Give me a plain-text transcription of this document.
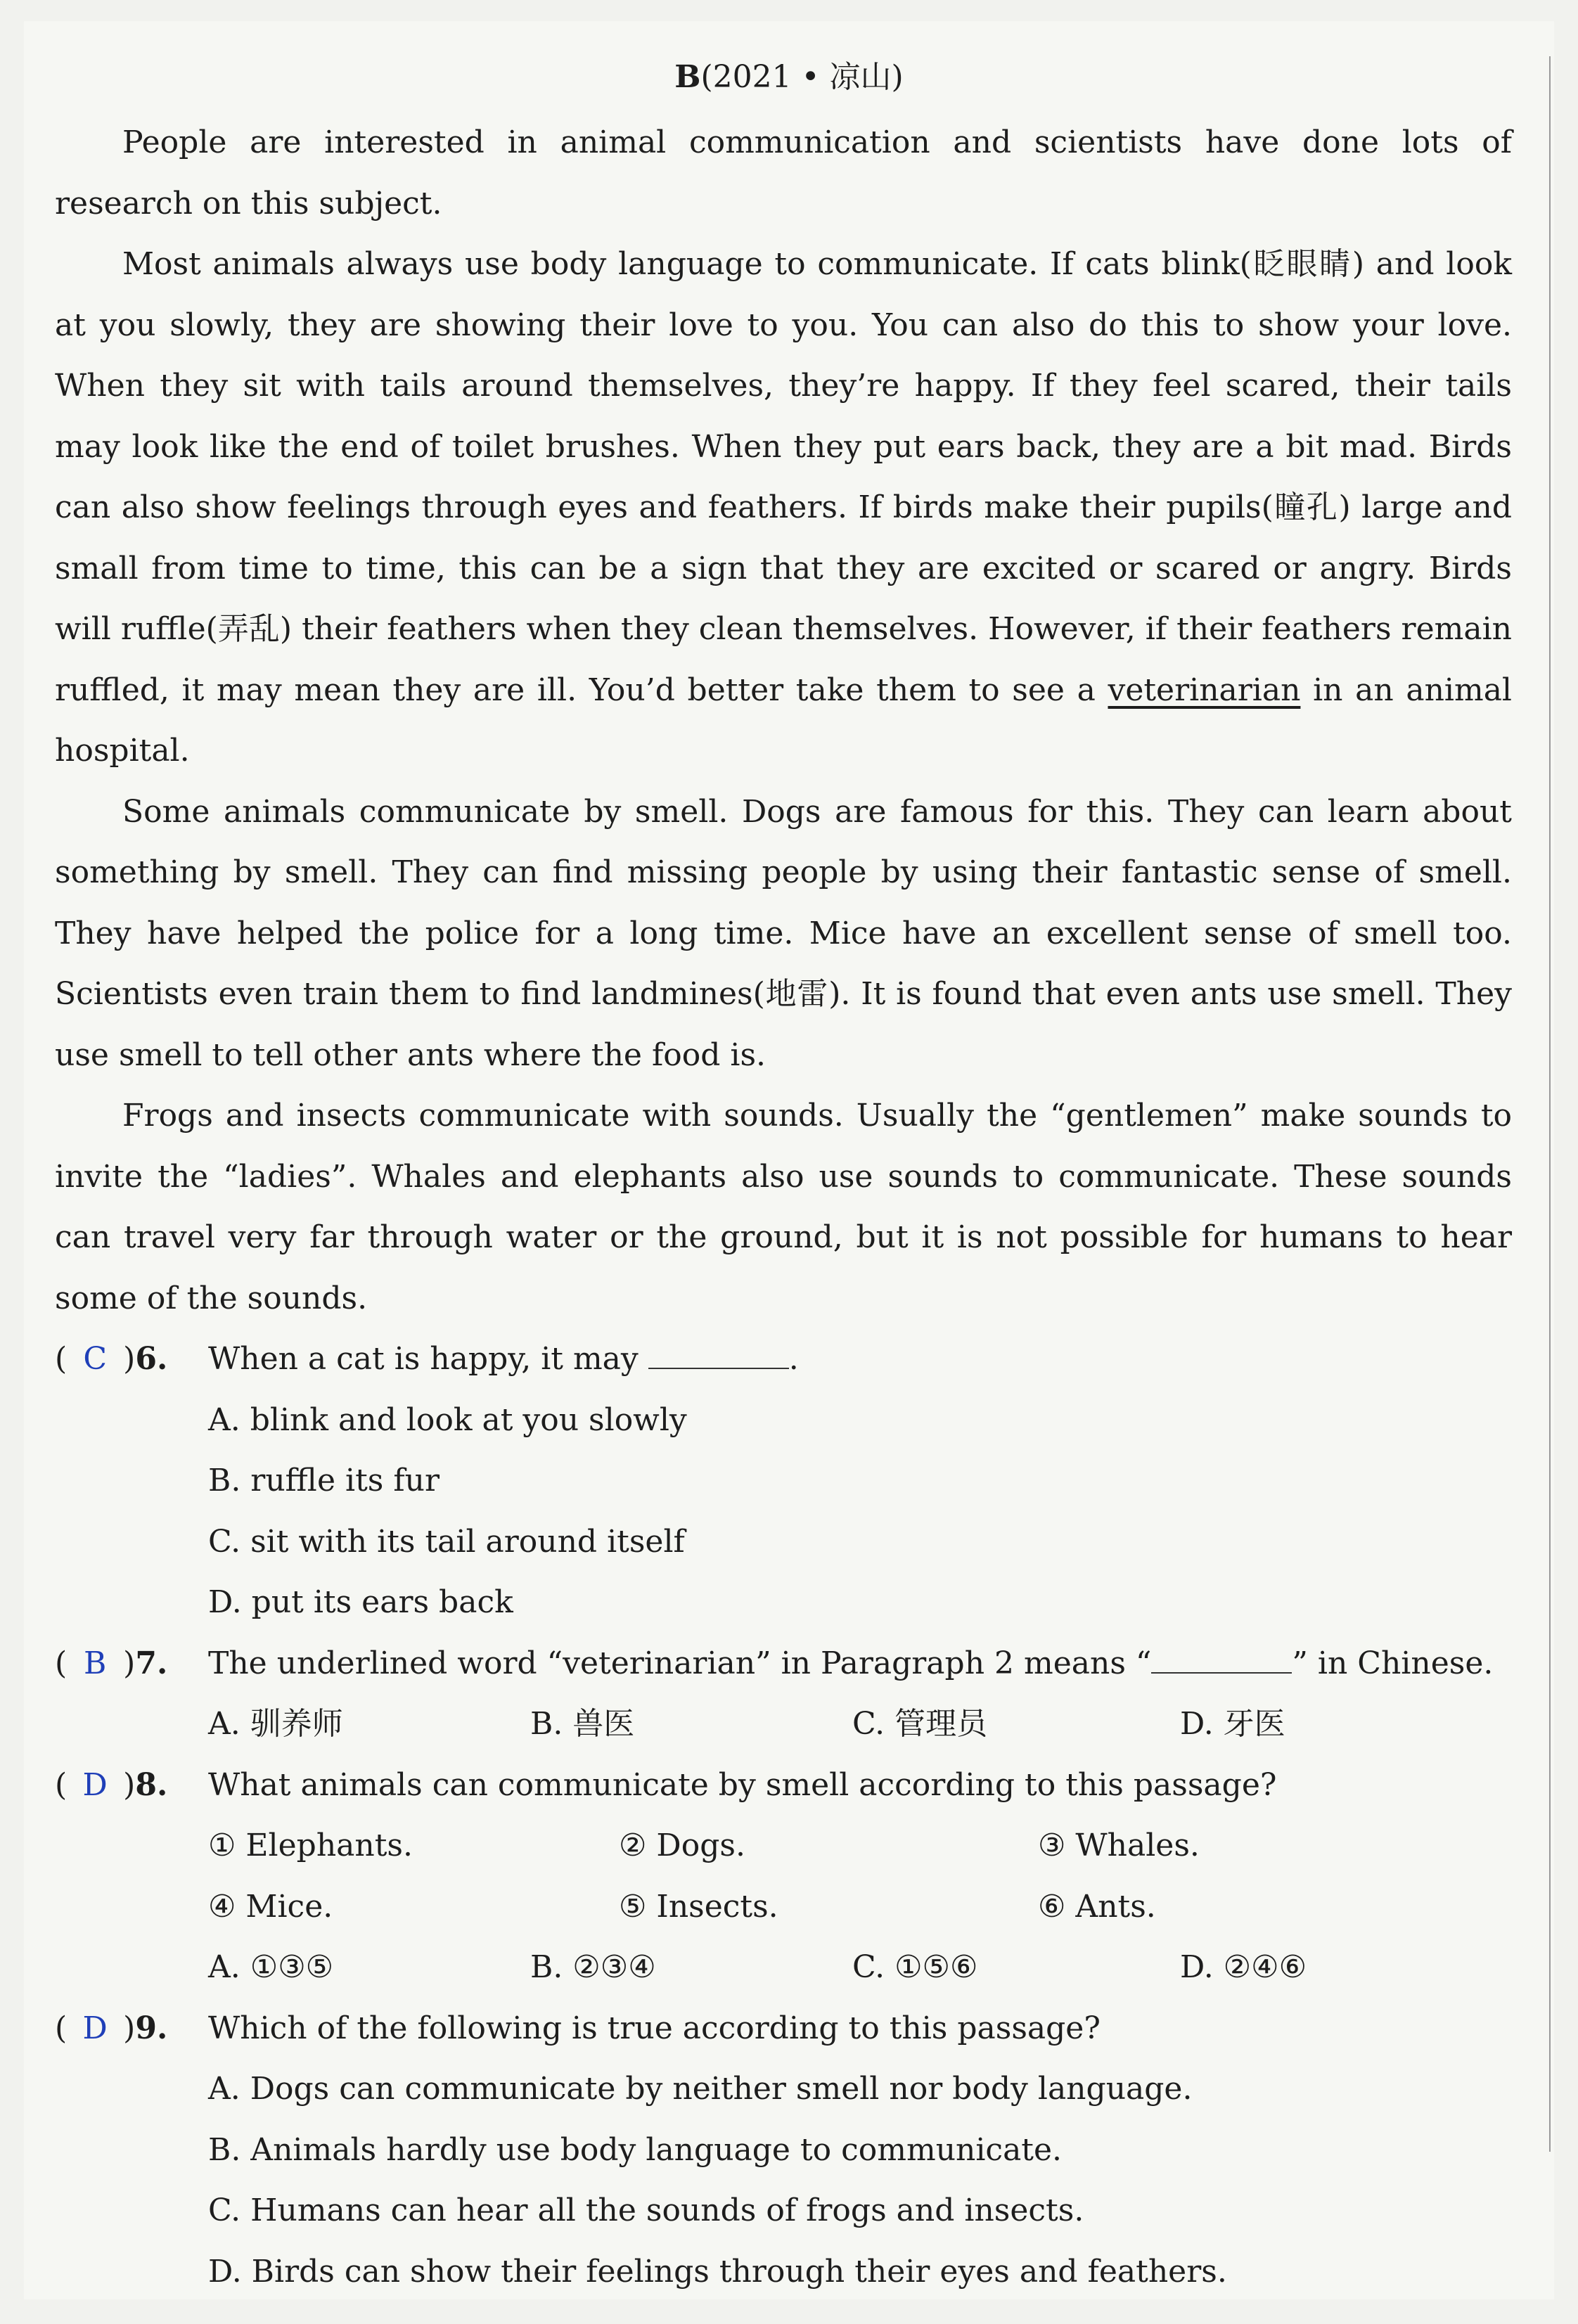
B(2021 • 凉山)

People are interested in animal communication and scientists have done lots of research on this subject.

Most animals always use body language to communicate. If cats blink(眨眼睛) and look at you slowly, they are showing their love to you. You can also do this to show your love. When they sit with tails around themselves, they’re happy. If they feel scared, their tails may look like the end of toilet brushes. When they put ears back, they are a bit mad. Birds can also show feelings through eyes and feathers. If birds make their pupils(瞳孔) large and small from time to time, this can be a sign that they are excited or scared or angry. Birds will ruffle(弄乱) their feathers when they clean themselves. However, if their feathers remain ruffled, it may mean they are ill. You’d better take them to see a veterinarian in an animal hospital.

Some animals communicate by smell. Dogs are famous for this. They can learn about something by smell. They can find missing people by using their fantastic sense of smell. They have helped the police for a long time. Mice have an excellent sense of smell too. Scientists even train them to find landmines(地雷). It is found that even ants use smell. They use smell to tell other ants where the food is.

Frogs and insects communicate with sounds. Usually the “gentlemen” make sounds to invite the “ladies”. Whales and elephants also use sounds to communicate. These sounds can travel very far through water or the ground, but it is not possible for humans to hear some of the sounds.

( C )6. When a cat is happy, it may	.

A. blink and look at you slowly

B. ruffle its fur

C. sit with its tail around itself

D. put its ears back

( B )7. The underlined word “veterinarian” in Paragraph 2 means “	” in Chinese.

A. 驯养师	B. 兽医	C. 管理员	D. 牙医

( D )8. What animals can communicate by smell according to this passage?

① Elephants.	② Dogs.	③ Whales.

④ Mice.	⑤ Insects.	⑥ Ants.

A. ①③⑤	B. ②③④	C. ①⑤⑥	D. ②④⑥

( D )9. Which of the following is true according to this passage?

A. Dogs can communicate by neither smell nor body language.

B. Animals hardly use body language to communicate.

C. Humans can hear all the sounds of frogs and insects.

D. Birds can show their feelings through their eyes and feathers.
